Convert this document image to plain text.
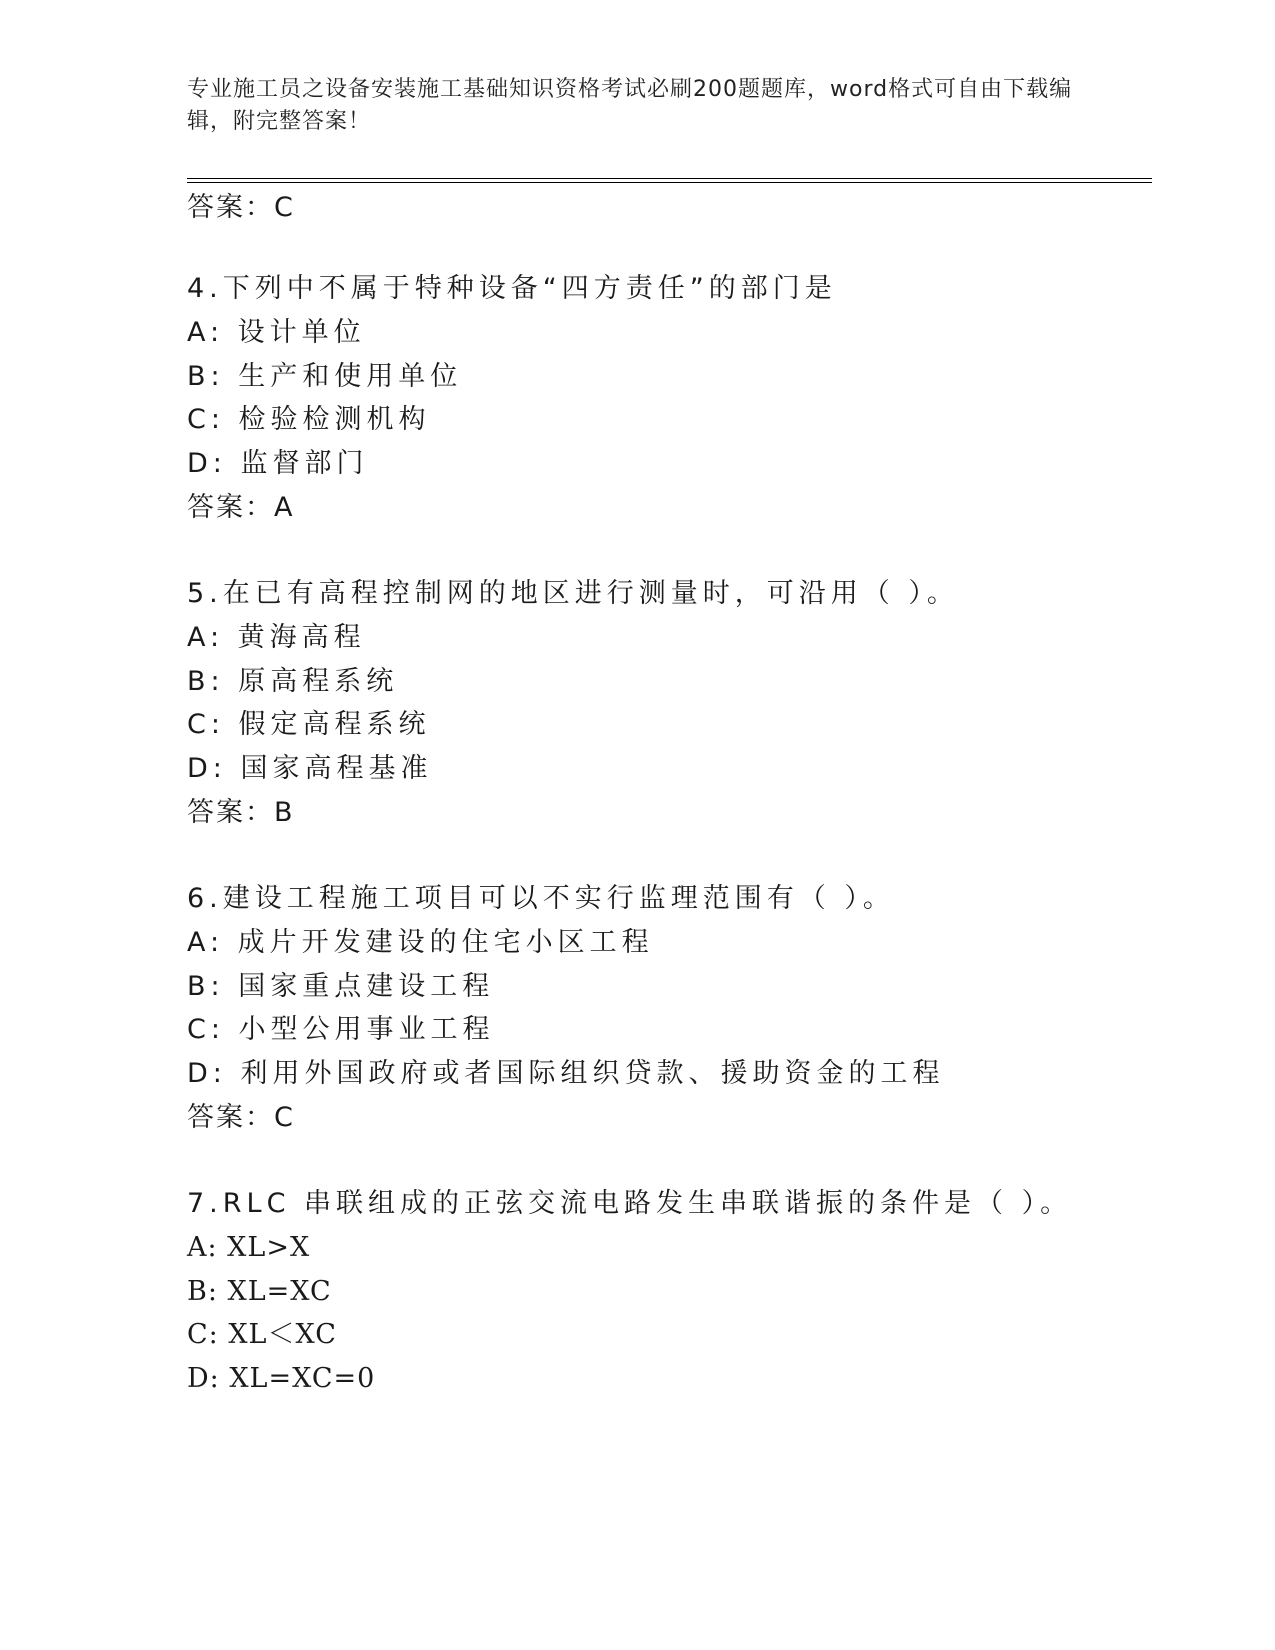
专业施工员之设备安装施工基础知识资格考试必刷200题题库，word格式可自由下载编辑，附完整答案！
答案：C
4.下列中不属于特种设备“四方责任”的部门是
A: 设计单位
B: 生产和使用单位
C: 检验检测机构
D: 监督部门
答案：A
5.在已有高程控制网的地区进行测量时，可沿用（ ）。
A: 黄海高程
B: 原高程系统
C: 假定高程系统
D: 国家高程基准
答案：B
6.建设工程施工项目可以不实行监理范围有（ ）。
A: 成片开发建设的住宅小区工程
B: 国家重点建设工程
C: 小型公用事业工程
D: 利用外国政府或者国际组织贷款、援助资金的工程
答案：C
7.RLC 串联组成的正弦交流电路发生串联谐振的条件是（ ）。
A: XL>X
B: XL=XC
C: XL＜XC
D: XL=XC=0
